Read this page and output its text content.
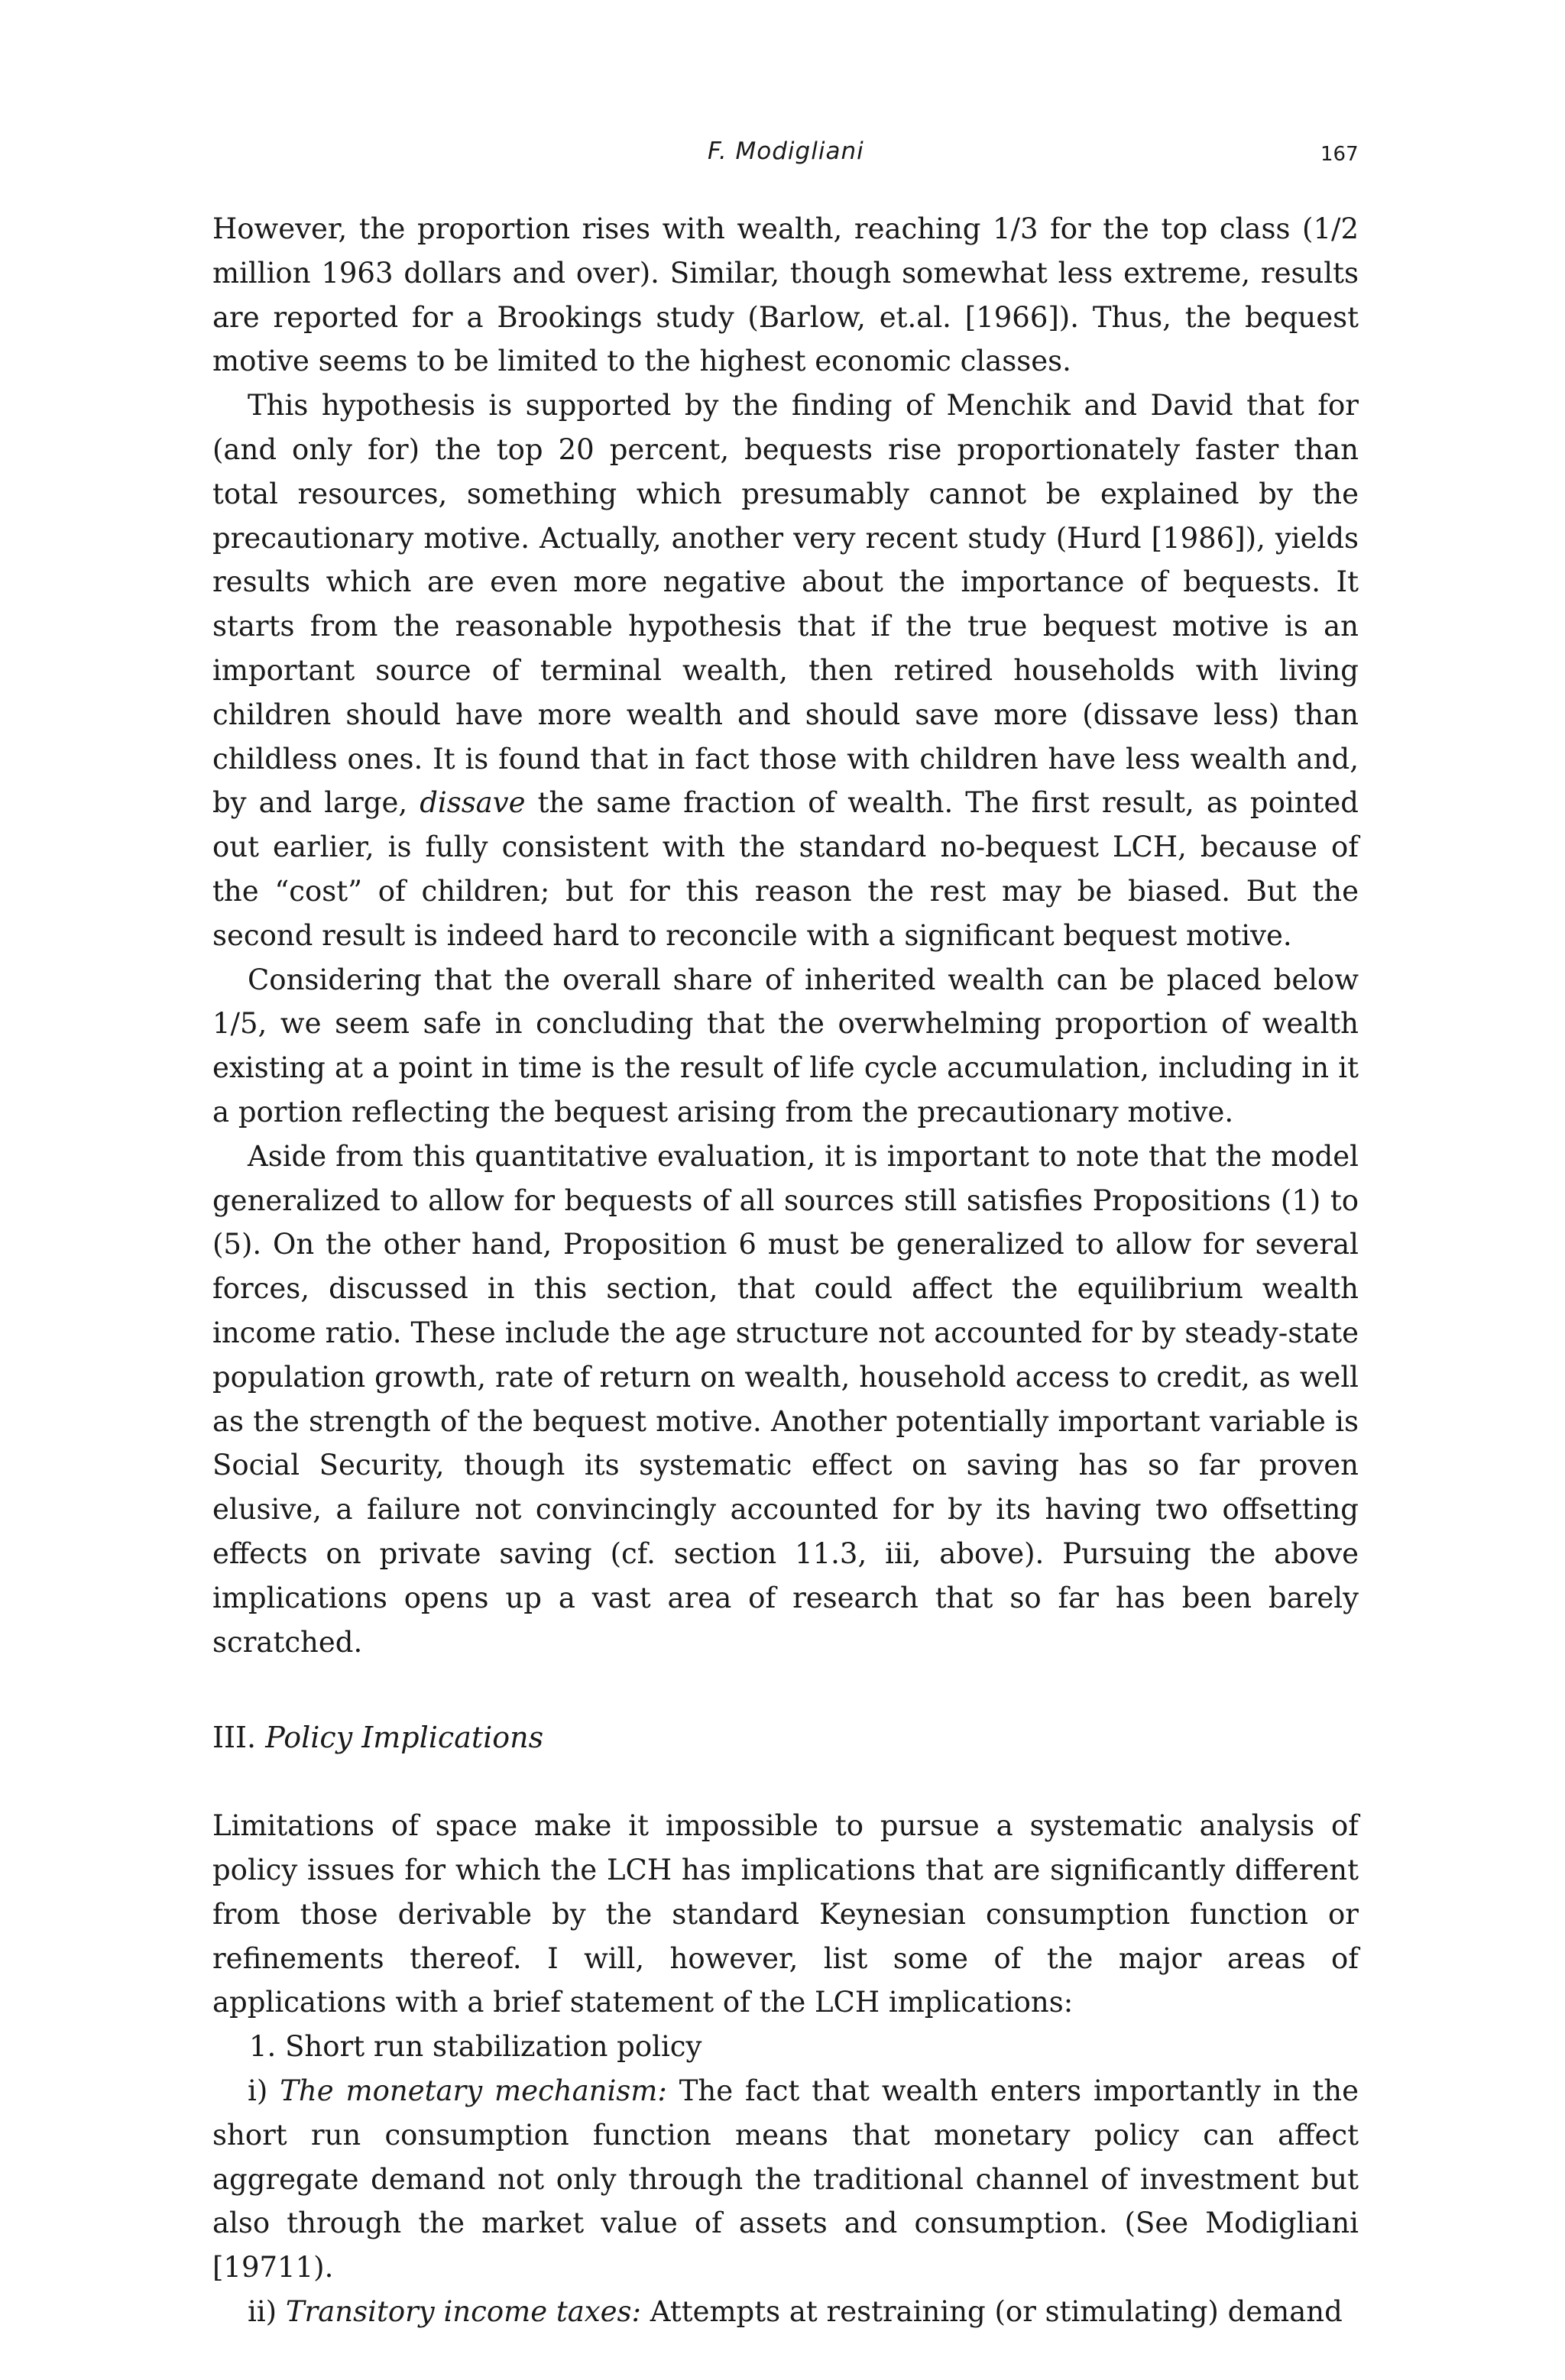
F. Modigliani	167

However, the proportion rises with wealth, reaching 1/3 for the top class (1/2 million 1963 dollars and over). Similar, though somewhat less extreme, results are reported for a Brookings study (Barlow, et.al. [1966]). Thus, the bequest motive seems to be limited to the highest economic classes.

This hypothesis is supported by the finding of Menchik and David that for (and only for) the top 20 percent, bequests rise proportionately faster than total resources, something which presumably cannot be explained by the precautionary motive. Actually, another very recent study (Hurd [1986]), yields results which are even more negative about the importance of bequests. It starts from the reasonable hypothesis that if the true bequest motive is an important source of terminal wealth, then retired households with living children should have more wealth and should save more (dissave less) than childless ones. It is found that in fact those with children have less wealth and, by and large, dissave the same fraction of wealth. The first result, as pointed out earlier, is fully consistent with the standard no-bequest LCH, because of the “cost” of children; but for this reason the rest may be biased. But the second result is indeed hard to reconcile with a significant bequest motive.

Considering that the overall share of inherited wealth can be placed below 1/5, we seem safe in concluding that the overwhelming proportion of wealth existing at a point in time is the result of life cycle accumulation, including in it a portion reflecting the bequest arising from the precautionary motive.

Aside from this quantitative evaluation, it is important to note that the model generalized to allow for bequests of all sources still satisfies Propositions (1) to (5). On the other hand, Proposition 6 must be generalized to allow for several forces, discussed in this section, that could affect the equilibrium wealth income ratio. These include the age structure not accounted for by steady-state population growth, rate of return on wealth, household access to credit, as well as the strength of the bequest motive. Another potentially important variable is Social Security, though its systematic effect on saving has so far proven elusive, a failure not convincingly accounted for by its having two offsetting effects on private saving (cf. section 11.3, iii, above). Pursuing the above implications opens up a vast area of research that so far has been barely scratched.

III. Policy Implications

Limitations of space make it impossible to pursue a systematic analysis of policy issues for which the LCH has implications that are significantly different from those derivable by the standard Keynesian consumption function or refinements thereof. I will, however, list some of the major areas of applications with a brief statement of the LCH implications:

1. Short run stabilization policy

i) The monetary mechanism: The fact that wealth enters importantly in the short run consumption function means that monetary policy can affect aggregate demand not only through the traditional channel of investment but also through the market value of assets and consumption. (See Modigliani [19711).

ii) Transitory income taxes: Attempts at restraining (or stimulating) demand
